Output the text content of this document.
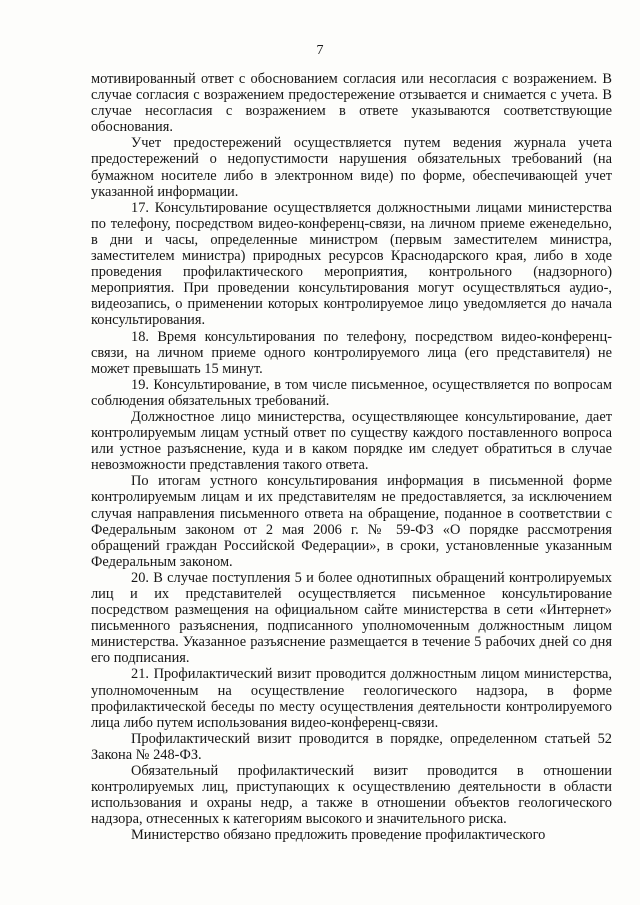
7

мотивированный ответ с обоснованием согласия или несогласия с возражением. В случае согласия с возражением предостережение отзывается и снимается с учета. В случае несогласия с возражением в ответе указываются соответствующие обоснования.

Учет предостережений осуществляется путем ведения журнала учета предостережений о недопустимости нарушения обязательных требований (на бумажном носителе либо в электронном виде) по форме, обеспечивающей учет указанной информации.

17. Консультирование осуществляется должностными лицами министерства по телефону, посредством видео-конференц-связи, на личном приеме еженедельно, в дни и часы, определенные министром (первым заместителем министра, заместителем министра) природных ресурсов Краснодарского края, либо в ходе проведения профилактического мероприятия, контрольного (надзорного) мероприятия. При проведении консультирования могут осуществляться аудио-, видеозапись, о применении которых контролируемое лицо уведомляется до начала консультирования.

18. Время консультирования по телефону, посредством видео-конференц-связи, на личном приеме одного контролируемого лица (его представителя) не может превышать 15 минут.

19. Консультирование, в том числе письменное, осуществляется по вопросам соблюдения обязательных требований.

Должностное лицо министерства, осуществляющее консультирование, дает контролируемым лицам устный ответ по существу каждого поставленного вопроса или устное разъяснение, куда и в каком порядке им следует обратиться в случае невозможности представления такого ответа.

По итогам устного консультирования информация в письменной форме контролируемым лицам и их представителям не предоставляется, за исключением случая направления письменного ответа на обращение, поданное в соответствии с Федеральным законом от 2 мая 2006 г. № 59-ФЗ «О порядке рассмотрения обращений граждан Российской Федерации», в сроки, установленные указанным Федеральным законом.

20. В случае поступления 5 и более однотипных обращений контролируемых лиц и их представителей осуществляется письменное консультирование посредством размещения на официальном сайте министерства в сети «Интернет» письменного разъяснения, подписанного уполномоченным должностным лицом министерства. Указанное разъяснение размещается в течение 5 рабочих дней со дня его подписания.

21. Профилактический визит проводится должностным лицом министерства, уполномоченным на осуществление геологического надзора, в форме профилактической беседы по месту осуществления деятельности контролируемого лица либо путем использования видео-конференц-связи.

Профилактический визит проводится в порядке, определенном статьей 52 Закона № 248-ФЗ.

Обязательный профилактический визит проводится в отношении контролируемых лиц, приступающих к осуществлению деятельности в области использования и охраны недр, а также в отношении объектов геологического надзора, отнесенных к категориям высокого и значительного риска.

Министерство обязано предложить проведение профилактического
